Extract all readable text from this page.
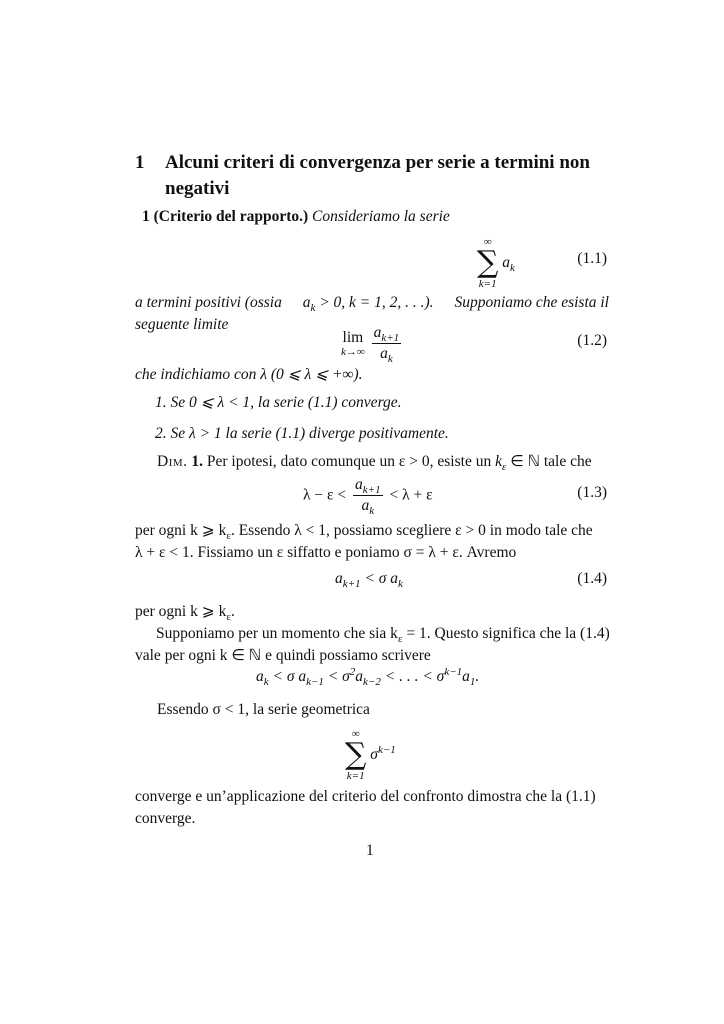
1 Alcuni criteri di convergenza per serie a termini non
negativi
1 (Criterio del rapporto.) Consideriamo la serie
∞
∑
k=1
$a_k$
(1.1)
a termini positivi (ossia $a_k > 0$, k = 1, 2, . . .). Supponiamo che esista il
seguente limite
lim
k→∞
$\frac{a_{k+1}}{a_k}$	(1.2)
che indichiamo con λ (0 ⩽ λ ⩽ +∞).
1. Se 0 ⩽ λ < 1, la serie (1.1) converge.
2. Se λ > 1 la serie (1.1) diverge positivamente.
Dim. 1. Per ipotesi, dato comunque un ε > 0, esiste un $k_\varepsilon$ ∈ ℕ tale che
$\lambda - \varepsilon < \frac{a_{k+1}}{a_k} < \lambda + \varepsilon$	(1.3)
per ogni k ⩾ $k_\varepsilon$. Essendo λ < 1, possiamo scegliere ε > 0 in modo tale che
λ + ε < 1. Fissiamo un ε siffatto e poniamo σ = λ + ε. Avremo
$a_{k+1} < \sigma$ $a_k$	(1.4)
per ogni k ⩾ $k_\varepsilon$.
Supponiamo per un momento che sia $k_\varepsilon = 1$. Questo significa che la (1.4)
vale per ogni k ∈ ℕ e quindi possiamo scrivere
$a_k < \sigma$ $a_{k-1} < \sigma^2a_{k-2}$ < . . . < $\sigma^{k-1}a_1$.
Essendo σ < 1, la serie geometrica
∞
∑
k=1
$\sigma^{k-1}$
converge e un’applicazione del criterio del confronto dimostra che la (1.1)
converge.
1
